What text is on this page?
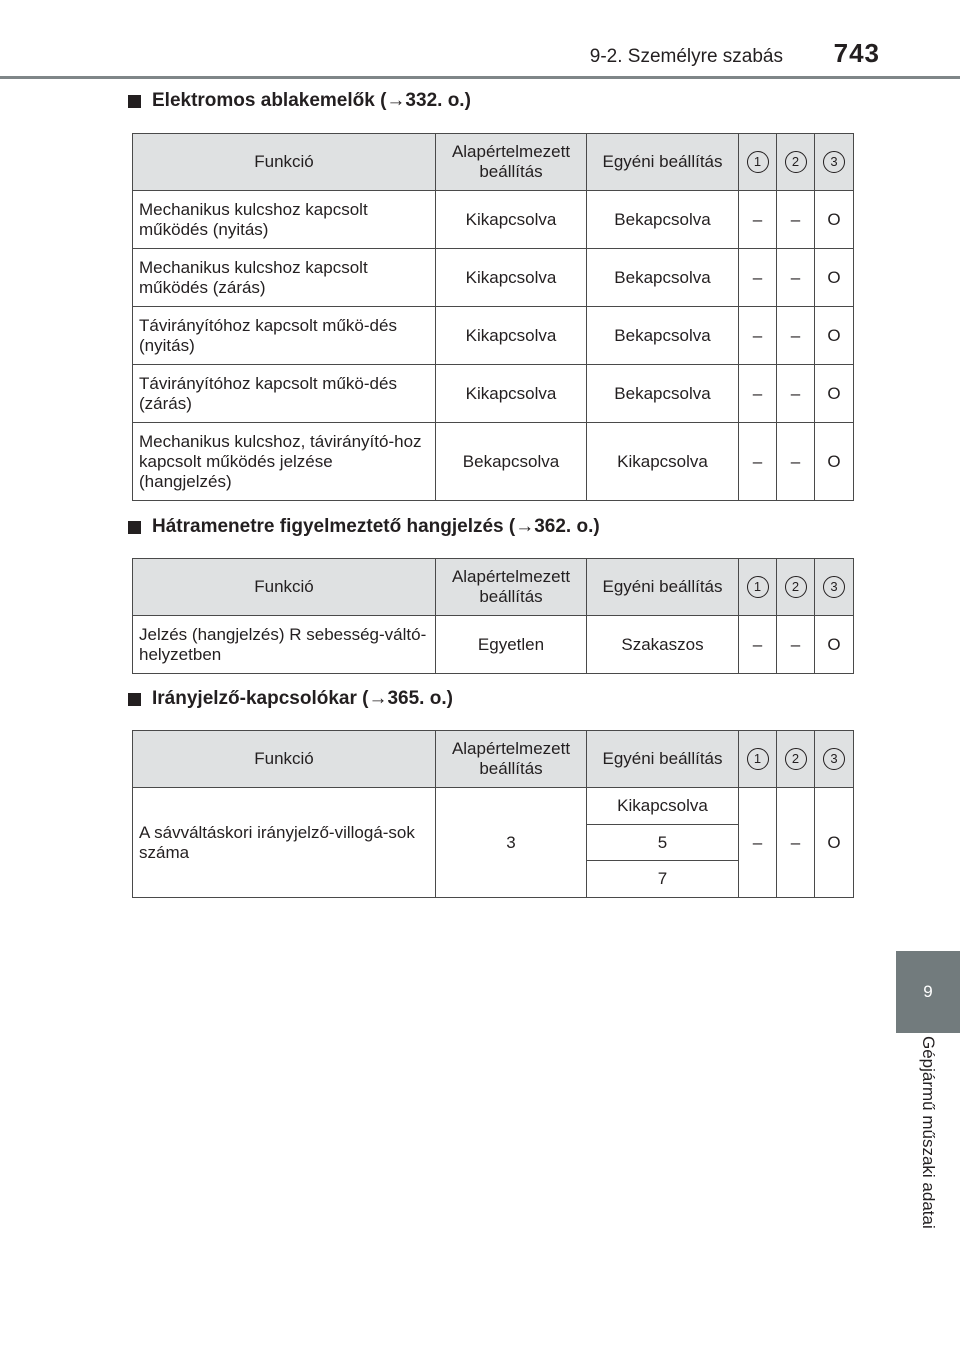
9-2. Személyre szabás 743
9
Gépjármű műszaki adatai
Elektromos ablakemelők (→332. o.)
Funkció	Alapértelmezett beállítás	Egyéni beállítás	1	2	3
Mechanikus kulcshoz kapcsolt működés (nyitás)	Kikapcsolva	Bekapcsolva	–	–	O
Mechanikus kulcshoz kapcsolt működés (zárás)	Kikapcsolva	Bekapcsolva	–	–	O
Távirányítóhoz kapcsolt műkö-dés (nyitás)	Kikapcsolva	Bekapcsolva	–	–	O
Távirányítóhoz kapcsolt műkö-dés (zárás)	Kikapcsolva	Bekapcsolva	–	–	O
Mechanikus kulcshoz, távirányító-hoz kapcsolt működés jelzése (hangjelzés)	Bekapcsolva	Kikapcsolva	–	–	O
Hátramenetre figyelmeztető hangjelzés (→362. o.)
Funkció	Alapértelmezett beállítás	Egyéni beállítás	1	2	3
Jelzés (hangjelzés) R sebesség-váltó-helyzetben	Egyetlen	Szakaszos	–	–	O
Irányjelző-kapcsolókar (→365. o.)
Funkció	Alapértelmezett beállítás	Egyéni beállítás	1	2	3
A sávváltáskori irányjelző-villogá-sok száma	3	Kikapcsolva	–	–	O
		5			
		7			
